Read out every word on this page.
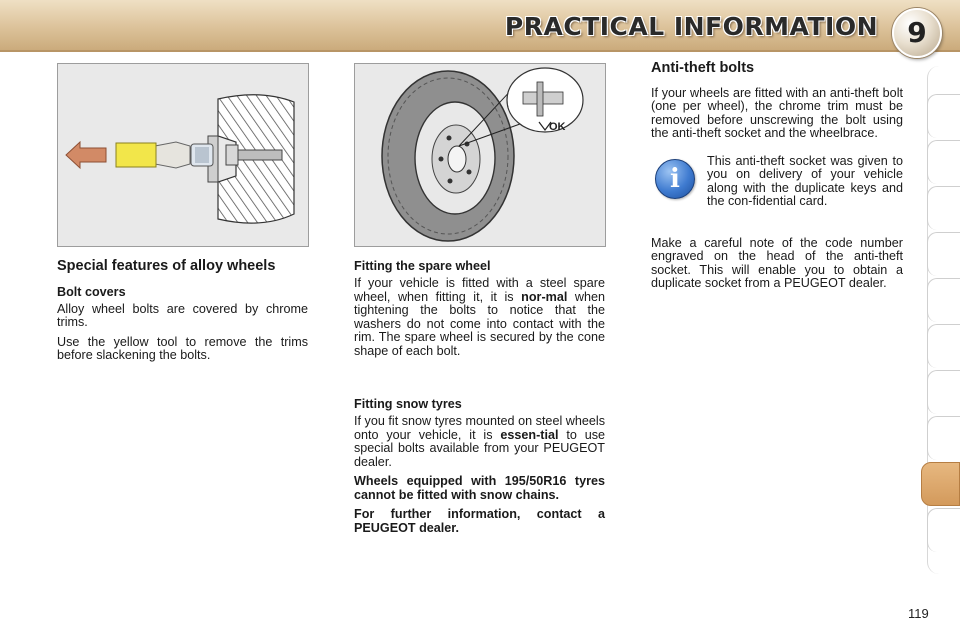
PRACTICAL INFORMATION	9
OK
Special features of alloy wheels
Bolt covers

Alloy wheel bolts are covered by chrome trims.

Use the yellow tool to remove the trims before slackening the bolts.

Fitting the spare wheel

If your vehicle is fitted with a steel spare wheel, when fitting it, it is nor-mal when tightening the bolts to notice that the washers do not come into contact with the rim. The spare wheel is secured by the cone shape of each bolt.

Fitting snow tyres

If you fit snow tyres mounted on steel wheels onto your vehicle, it is essen-tial to use special bolts available from your PEUGEOT dealer.

Wheels equipped with 195/50R16 tyres cannot be fitted with snow chains.

For further information, contact a PEUGEOT dealer.

Anti-theft bolts

If your wheels are fitted with an anti-theft bolt (one per wheel), the chrome trim must be removed before unscrewing the bolt using the anti-theft socket and the wheelbrace.

i

This anti-theft socket was given to you on delivery of your vehicle along with the duplicate keys and the con-fidential card.

Make a careful note of the code number engraved on the head of the anti-theft socket. This will enable you to obtain a duplicate socket from a PEUGEOT dealer.

119
